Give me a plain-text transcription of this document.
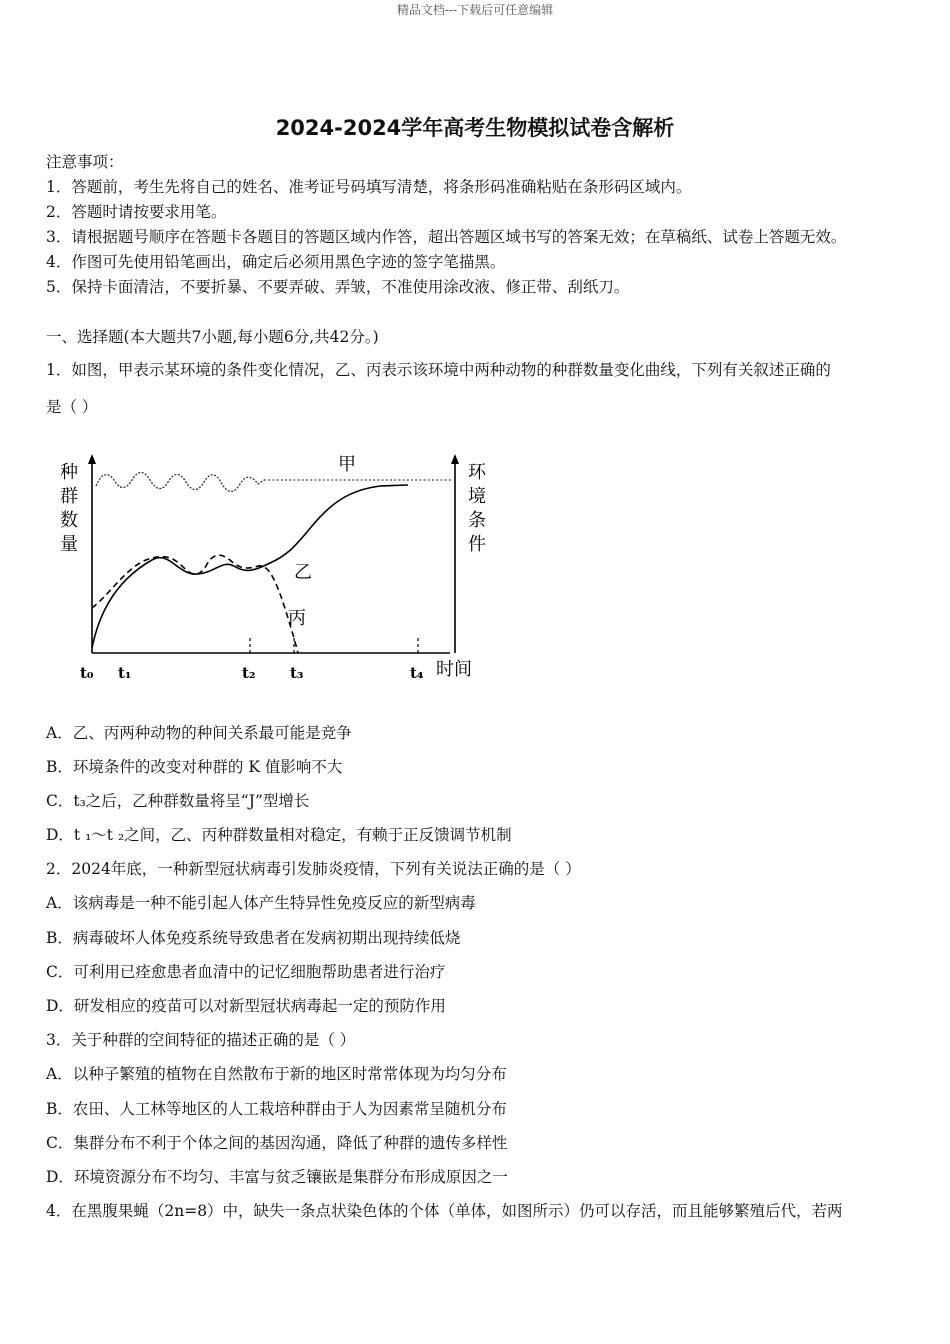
精品文档---下载后可任意编辑
2024-2024学年高考生物模拟试卷含解析
注意事项：
1．答题前，考生先将自己的姓名、准考证号码填写清楚，将条形码准确粘贴在条形码区域内。
2．答题时请按要求用笔。
3．请根据题号顺序在答题卡各题目的答题区域内作答，超出答题区域书写的答案无效；在草稿纸、试卷上答题无效。
4．作图可先使用铅笔画出，确定后必须用黑色字迹的签字笔描黑。
5．保持卡面清洁，不要折暴、不要弄破、弄皱，不准使用涂改液、修正带、刮纸刀。
一、选择题(本大题共7小题,每小题6分,共42分。)
1．如图，甲表示某环境的条件变化情况，乙、丙表示该环境中两种动物的种群数量变化曲线，下列有关叙述正确的
是（ ）
种
群
数
量
环
境
条
件
甲
乙
丙
t₀ t₁	t₂ t₃	t₄ 时间
A．乙、丙两种动物的种间关系最可能是竞争
B．环境条件的改变对种群的 K 值影响不大
C．t₃之后，乙种群数量将呈“J”型增长
D．t ₁～t ₂之间，乙、丙种群数量相对稳定，有赖于正反馈调节机制
2．2024年底，一种新型冠状病毒引发肺炎疫情，下列有关说法正确的是（ ）
A．该病毒是一种不能引起人体产生特异性免疫反应的新型病毒
B．病毒破坏人体免疫系统导致患者在发病初期出现持续低烧
C．可利用已痊愈患者血清中的记忆细胞帮助患者进行治疗
D．研发相应的疫苗可以对新型冠状病毒起一定的预防作用
3．关于种群的空间特征的描述正确的是（ ）
A．以种子繁殖的植物在自然散布于新的地区时常常体现为均匀分布
B．农田、人工林等地区的人工栽培种群由于人为因素常呈随机分布
C．集群分布不利于个体之间的基因沟通，降低了种群的遗传多样性
D．环境资源分布不均匀、丰富与贫乏镶嵌是集群分布形成原因之一
4．在黑腹果蝇（2n=8）中，缺失一条点状染色体的个体（单体，如图所示）仍可以存活，而且能够繁殖后代，若两
